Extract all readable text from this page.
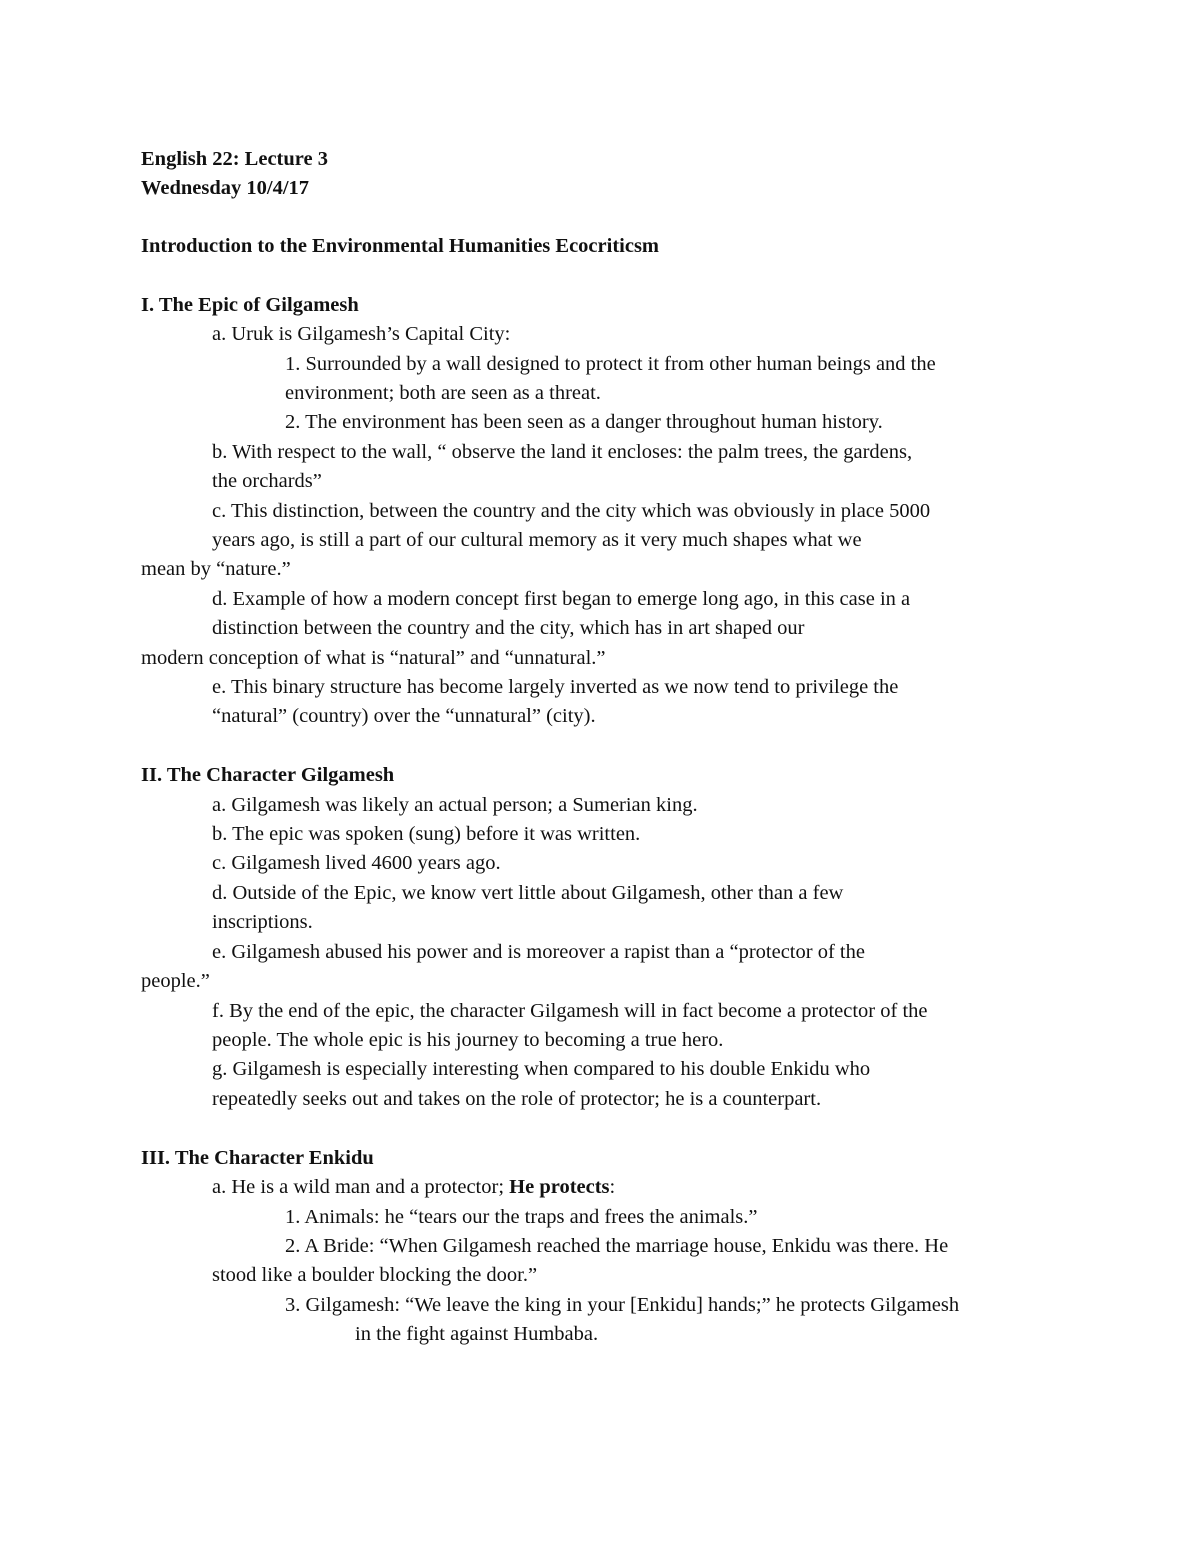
English 22: Lecture 3
Wednesday 10/4/17
Introduction to the Environmental Humanities Ecocriticsm
I. The Epic of Gilgamesh
a. Uruk is Gilgamesh’s Capital City:
1. Surrounded by a wall designed to protect it from other human beings and the
environment; both are seen as a threat.
2. The environment has been seen as a danger throughout human history.
b. With respect to the wall, “ observe the land it encloses: the palm trees, the gardens,
the orchards”
c. This distinction, between the country and the city which was obviously in place 5000
years ago, is still a part of our cultural memory as it very much shapes what we
mean by “nature.”
d. Example of how a modern concept first began to emerge long ago, in this case in a
distinction between the country and the city, which has in art shaped our
modern conception of what is “natural” and “unnatural.”
e. This binary structure has become largely inverted as we now tend to privilege the
“natural” (country) over the “unnatural” (city).
II. The Character Gilgamesh
a. Gilgamesh was likely an actual person; a Sumerian king.
b. The epic was spoken (sung) before it was written.
c. Gilgamesh lived 4600 years ago.
d. Outside of the Epic, we know vert little about Gilgamesh, other than a few
inscriptions.
e. Gilgamesh abused his power and is moreover a rapist than a “protector of the
people.”
f. By the end of the epic, the character Gilgamesh will in fact become a protector of the
people. The whole epic is his journey to becoming a true hero.
g. Gilgamesh is especially interesting when compared to his double Enkidu who
repeatedly seeks out and takes on the role of protector; he is a counterpart.
III. The Character Enkidu
a. He is a wild man and a protector; He protects:
1. Animals: he “tears our the traps and frees the animals.”
2. A Bride: “When Gilgamesh reached the marriage house, Enkidu was there. He
stood like a boulder blocking the door.”
3. Gilgamesh: “We leave the king in your [Enkidu] hands;” he protects Gilgamesh
in the fight against Humbaba.
